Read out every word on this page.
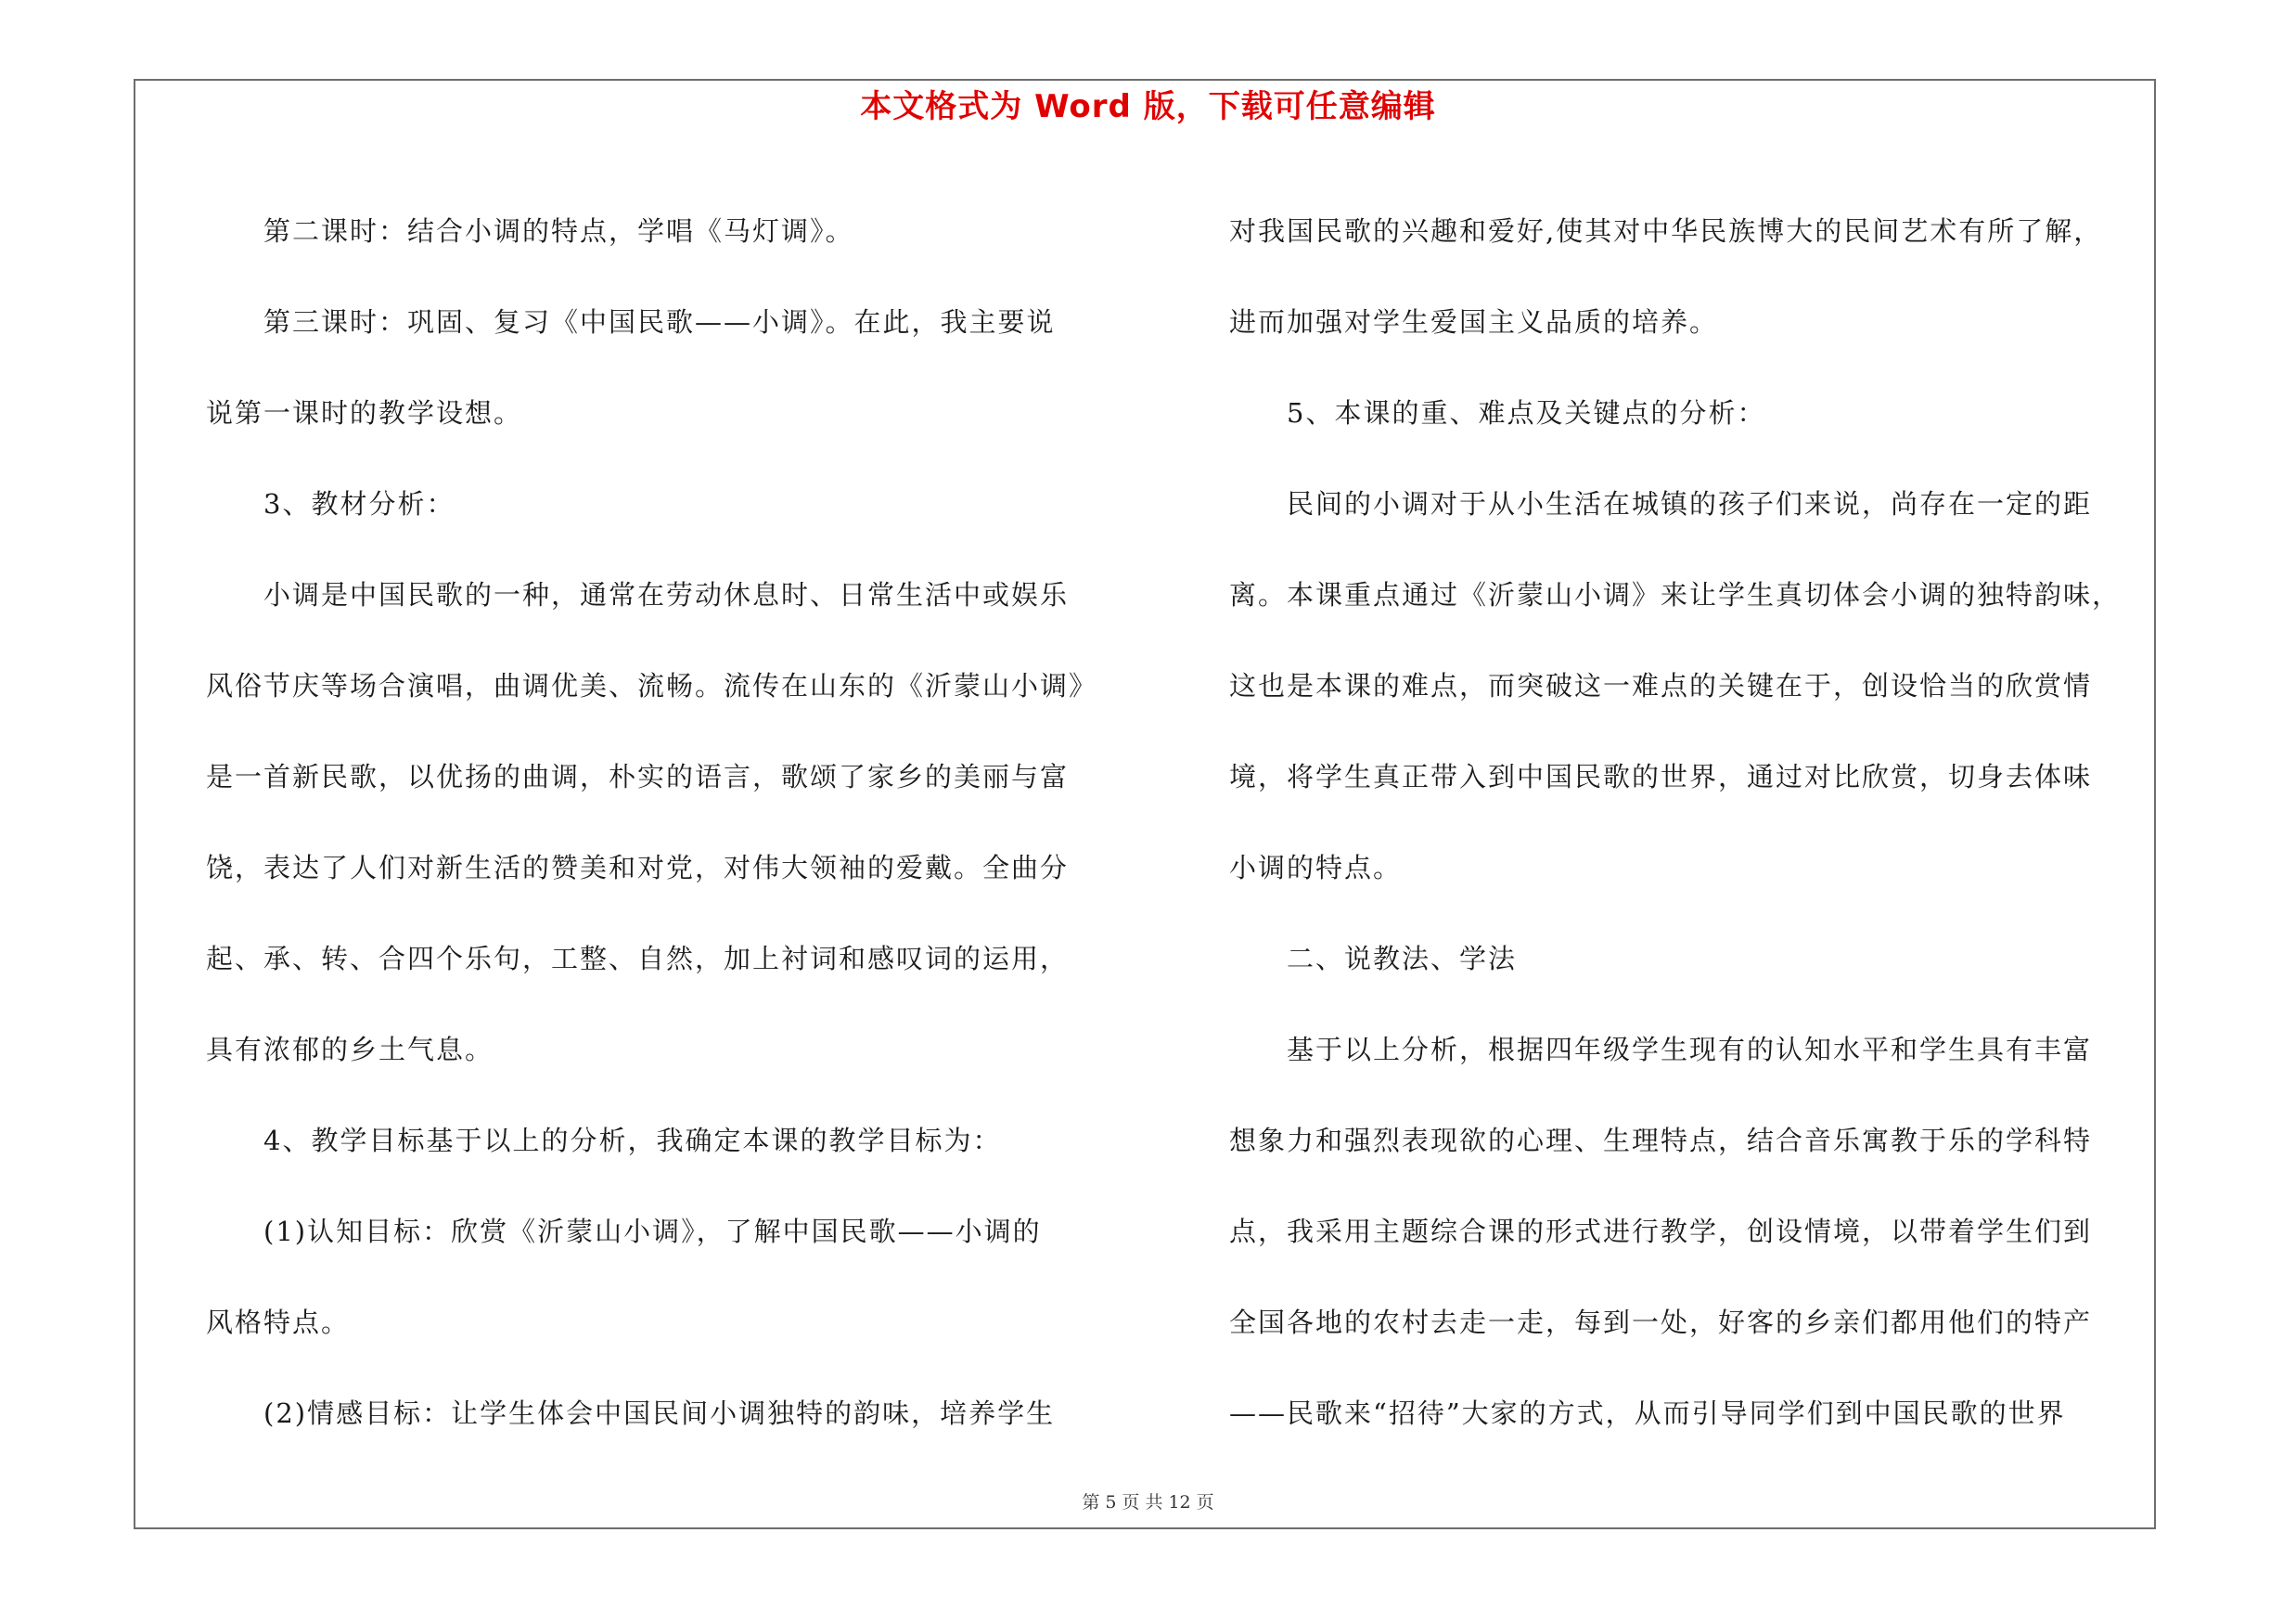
本文格式为 Word 版，下载可任意编辑

　　第二课时：结合小调的特点，学唱《马灯调》。

　　第三课时：巩固、复习《中国民歌——小调》。在此，我主要说

说第一课时的教学设想。

　　3、教材分析：

　　小调是中国民歌的一种，通常在劳动休息时、日常生活中或娱乐

风俗节庆等场合演唱，曲调优美、流畅。流传在山东的《沂蒙山小调》

是一首新民歌，以优扬的曲调，朴实的语言，歌颂了家乡的美丽与富

饶，表达了人们对新生活的赞美和对党，对伟大领袖的爱戴。全曲分

起、承、转、合四个乐句，工整、自然，加上衬词和感叹词的运用，

具有浓郁的乡土气息。

　　4、教学目标基于以上的分析，我确定本课的教学目标为：

　　(1)认知目标：欣赏《沂蒙山小调》，了解中国民歌——小调的

风格特点。

　　(2)情感目标：让学生体会中国民间小调独特的韵味，培养学生

对我国民歌的兴趣和爱好,使其对中华民族博大的民间艺术有所了解，

进而加强对学生爱国主义品质的培养。

　　5、本课的重、难点及关键点的分析：

　　民间的小调对于从小生活在城镇的孩子们来说，尚存在一定的距

离。本课重点通过《沂蒙山小调》来让学生真切体会小调的独特韵味，

这也是本课的难点，而突破这一难点的关键在于，创设恰当的欣赏情

境，将学生真正带入到中国民歌的世界，通过对比欣赏，切身去体味

小调的特点。

　　二、说教法、学法

　　基于以上分析，根据四年级学生现有的认知水平和学生具有丰富

想象力和强烈表现欲的心理、生理特点，结合音乐寓教于乐的学科特

点，我采用主题综合课的形式进行教学，创设情境，以带着学生们到

全国各地的农村去走一走，每到一处，好客的乡亲们都用他们的特产

——民歌来“招待”大家的方式，从而引导同学们到中国民歌的世界

第 5 页 共 12 页
